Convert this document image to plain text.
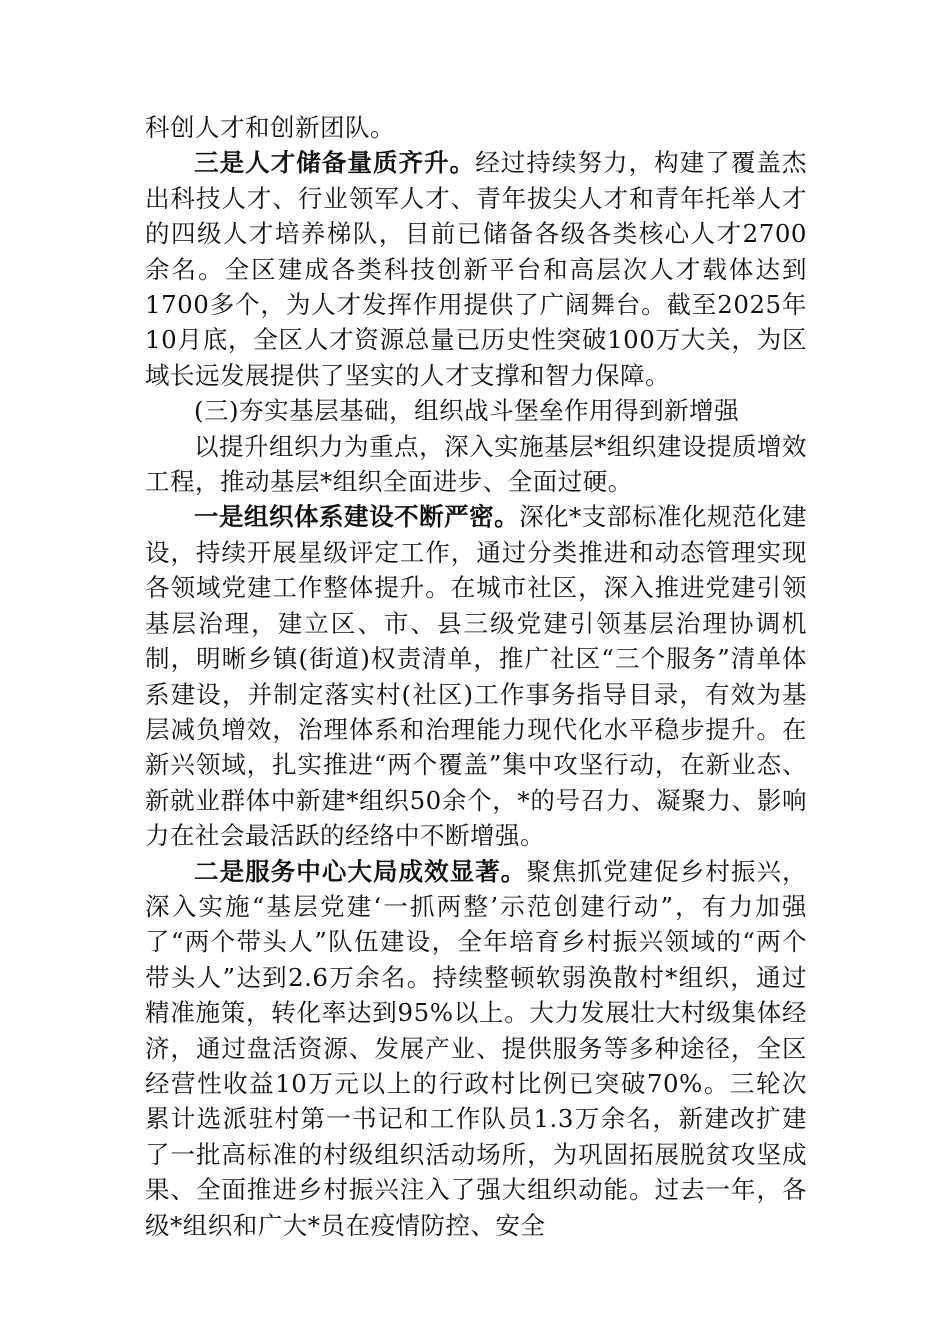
科创人才和创新团队。

三是人才储备量质齐升。经过持续努力，构建了覆盖杰出科技人才、行业领军人才、青年拔尖人才和青年托举人才的四级人才培养梯队，目前已储备各级各类核心人才2700余名。全区建成各类科技创新平台和高层次人才载体达到1700多个，为人才发挥作用提供了广阔舞台。截至2025年10月底，全区人才资源总量已历史性突破100万大关，为区域长远发展提供了坚实的人才支撑和智力保障。

(三)夯实基层基础，组织战斗堡垒作用得到新增强

以提升组织力为重点，深入实施基层*组织建设提质增效工程，推动基层*组织全面进步、全面过硬。

一是组织体系建设不断严密。深化*支部标准化规范化建设，持续开展星级评定工作，通过分类推进和动态管理实现各领域党建工作整体提升。在城市社区，深入推进党建引领基层治理，建立区、市、县三级党建引领基层治理协调机制，明晰乡镇(街道)权责清单，推广社区“三个服务”清单体系建设，并制定落实村(社区)工作事务指导目录，有效为基层减负增效，治理体系和治理能力现代化水平稳步提升。在新兴领域，扎实推进“两个覆盖”集中攻坚行动，在新业态、新就业群体中新建*组织50余个，*的号召力、凝聚力、影响力在社会最活跃的经络中不断增强。

二是服务中心大局成效显著。聚焦抓党建促乡村振兴，深入实施“基层党建‘一抓两整’示范创建行动”，有力加强了“两个带头人”队伍建设，全年培育乡村振兴领域的“两个带头人”达到2.6万余名。持续整顿软弱涣散村*组织，通过精准施策，转化率达到95%以上。大力发展壮大村级集体经济，通过盘活资源、发展产业、提供服务等多种途径，全区经营性收益10万元以上的行政村比例已突破70%。三轮次累计选派驻村第一书记和工作队员1.3万余名，新建改扩建了一批高标准的村级组织活动场所，为巩固拓展脱贫攻坚成果、全面推进乡村振兴注入了强大组织动能。过去一年，各级*组织和广大*员在疫情防控、安全
